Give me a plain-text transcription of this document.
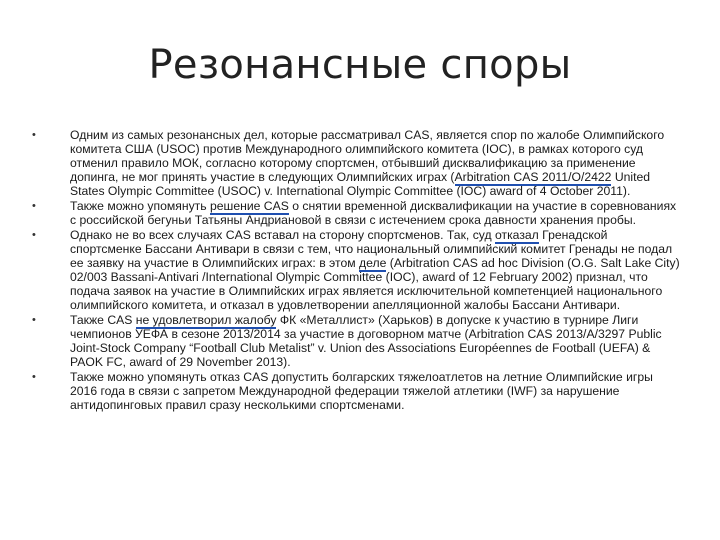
Резонансные споры
•	Одним из самых резонансных дел, которые рассматривал CAS, является спор по жалобе Олимпийского комитета США (USOC) против Международного олимпийского комитета (IOC), в рамках которого суд отменил правило МОК, согласно которому спортсмен, отбывший дисквалификацию за применение допинга, не мог принять участие в следующих Олимпийских играх (Arbitration CAS 2011/O/2422 United States Olympic Committee (USOC) v. International Olympic Committee (IOC) award of 4 October 2011).
•	Также можно упомянуть решение CAS о снятии временной дисквалификации на участие в соревнованиях с российской бегуньи Татьяны Андриановой в связи с истечением срока давности хранения пробы.
•	Однако не во всех случаях CAS вставал на сторону спортсменов. Так, суд отказал Гренадской спортсменке Бассани Антивари в связи с тем, что национальный олимпийский комитет Гренады не подал ее заявку на участие в Олимпийских играх: в этом деле (Arbitration CAS ad hoc Division (O.G. Salt Lake City) 02/003 Bassani-Antivari /International Olympic Committee (IOC), award of 12 February 2002) признал, что подача заявок на участие в Олимпийских играх является исключительной компетенцией национального олимпийского комитета, и отказал в удовлетворении апелляционной жалобы Бассани Антивари.
•	Также CAS не удовлетворил жалобу ФК «Металлист» (Харьков) в допуске к участию в турнире Лиги чемпионов УЕФА в сезоне 2013/2014 за участие в договорном матче (Arbitration CAS 2013/A/3297 Public Joint-Stock Company “Football Club Metalist” v. Union des Associations Européennes de Football (UEFA) & PAOK FC, award of 29 November 2013).
•	Также можно упомянуть отказ CAS допустить болгарских тяжелоатлетов на летние Олимпийские игры 2016 года в связи с запретом Международной федерации тяжелой атлетики (IWF) за нарушение антидопинговых правил сразу несколькими спортсменами.
